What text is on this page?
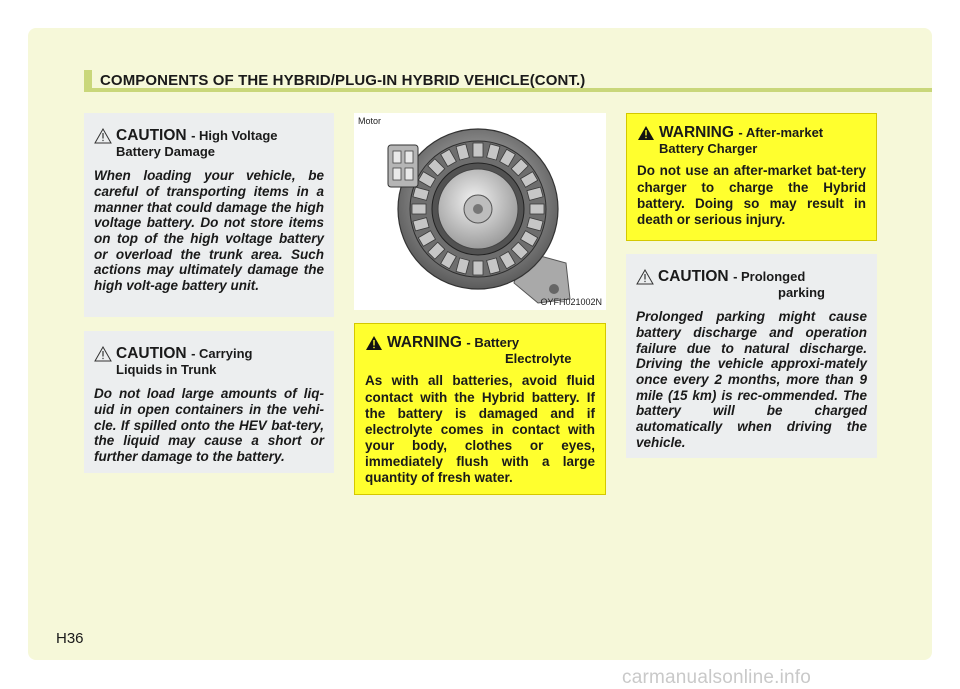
COMPONENTS OF THE HYBRID/PLUG-IN HYBRID VEHICLE(CONT.)
CAUTION - High Voltage
Battery Damage
When loading your vehicle, be careful of transporting items in a manner that could damage the high voltage battery. Do not store items on top of the high voltage battery or overload the trunk area. Such actions may ultimately damage the high volt-age battery unit.
CAUTION - Carrying
Liquids in Trunk
Do not load large amounts of liq-uid in open containers in the vehi-cle. If spilled onto the HEV bat-tery, the liquid may cause a short or further damage to the battery.
Motor
OYFH021002N
WARNING - Battery
Electrolyte
As with all batteries, avoid fluid contact with the Hybrid battery. If the battery is damaged and if electrolyte comes in contact with your body, clothes or eyes, immediately flush with a large quantity of fresh water.
WARNING - After-market
Battery Charger
Do not use an after-market bat-tery charger to charge the Hybrid battery. Doing so may result in death or serious injury.
CAUTION - Prolonged
parking
Prolonged parking might cause battery discharge and operation failure due to natural discharge. Driving the vehicle approxi-mately once every 2 months, more than 9 mile (15 km) is rec-ommended. The battery will be charged automatically when driving the vehicle.
H36
carmanualsonline.info
